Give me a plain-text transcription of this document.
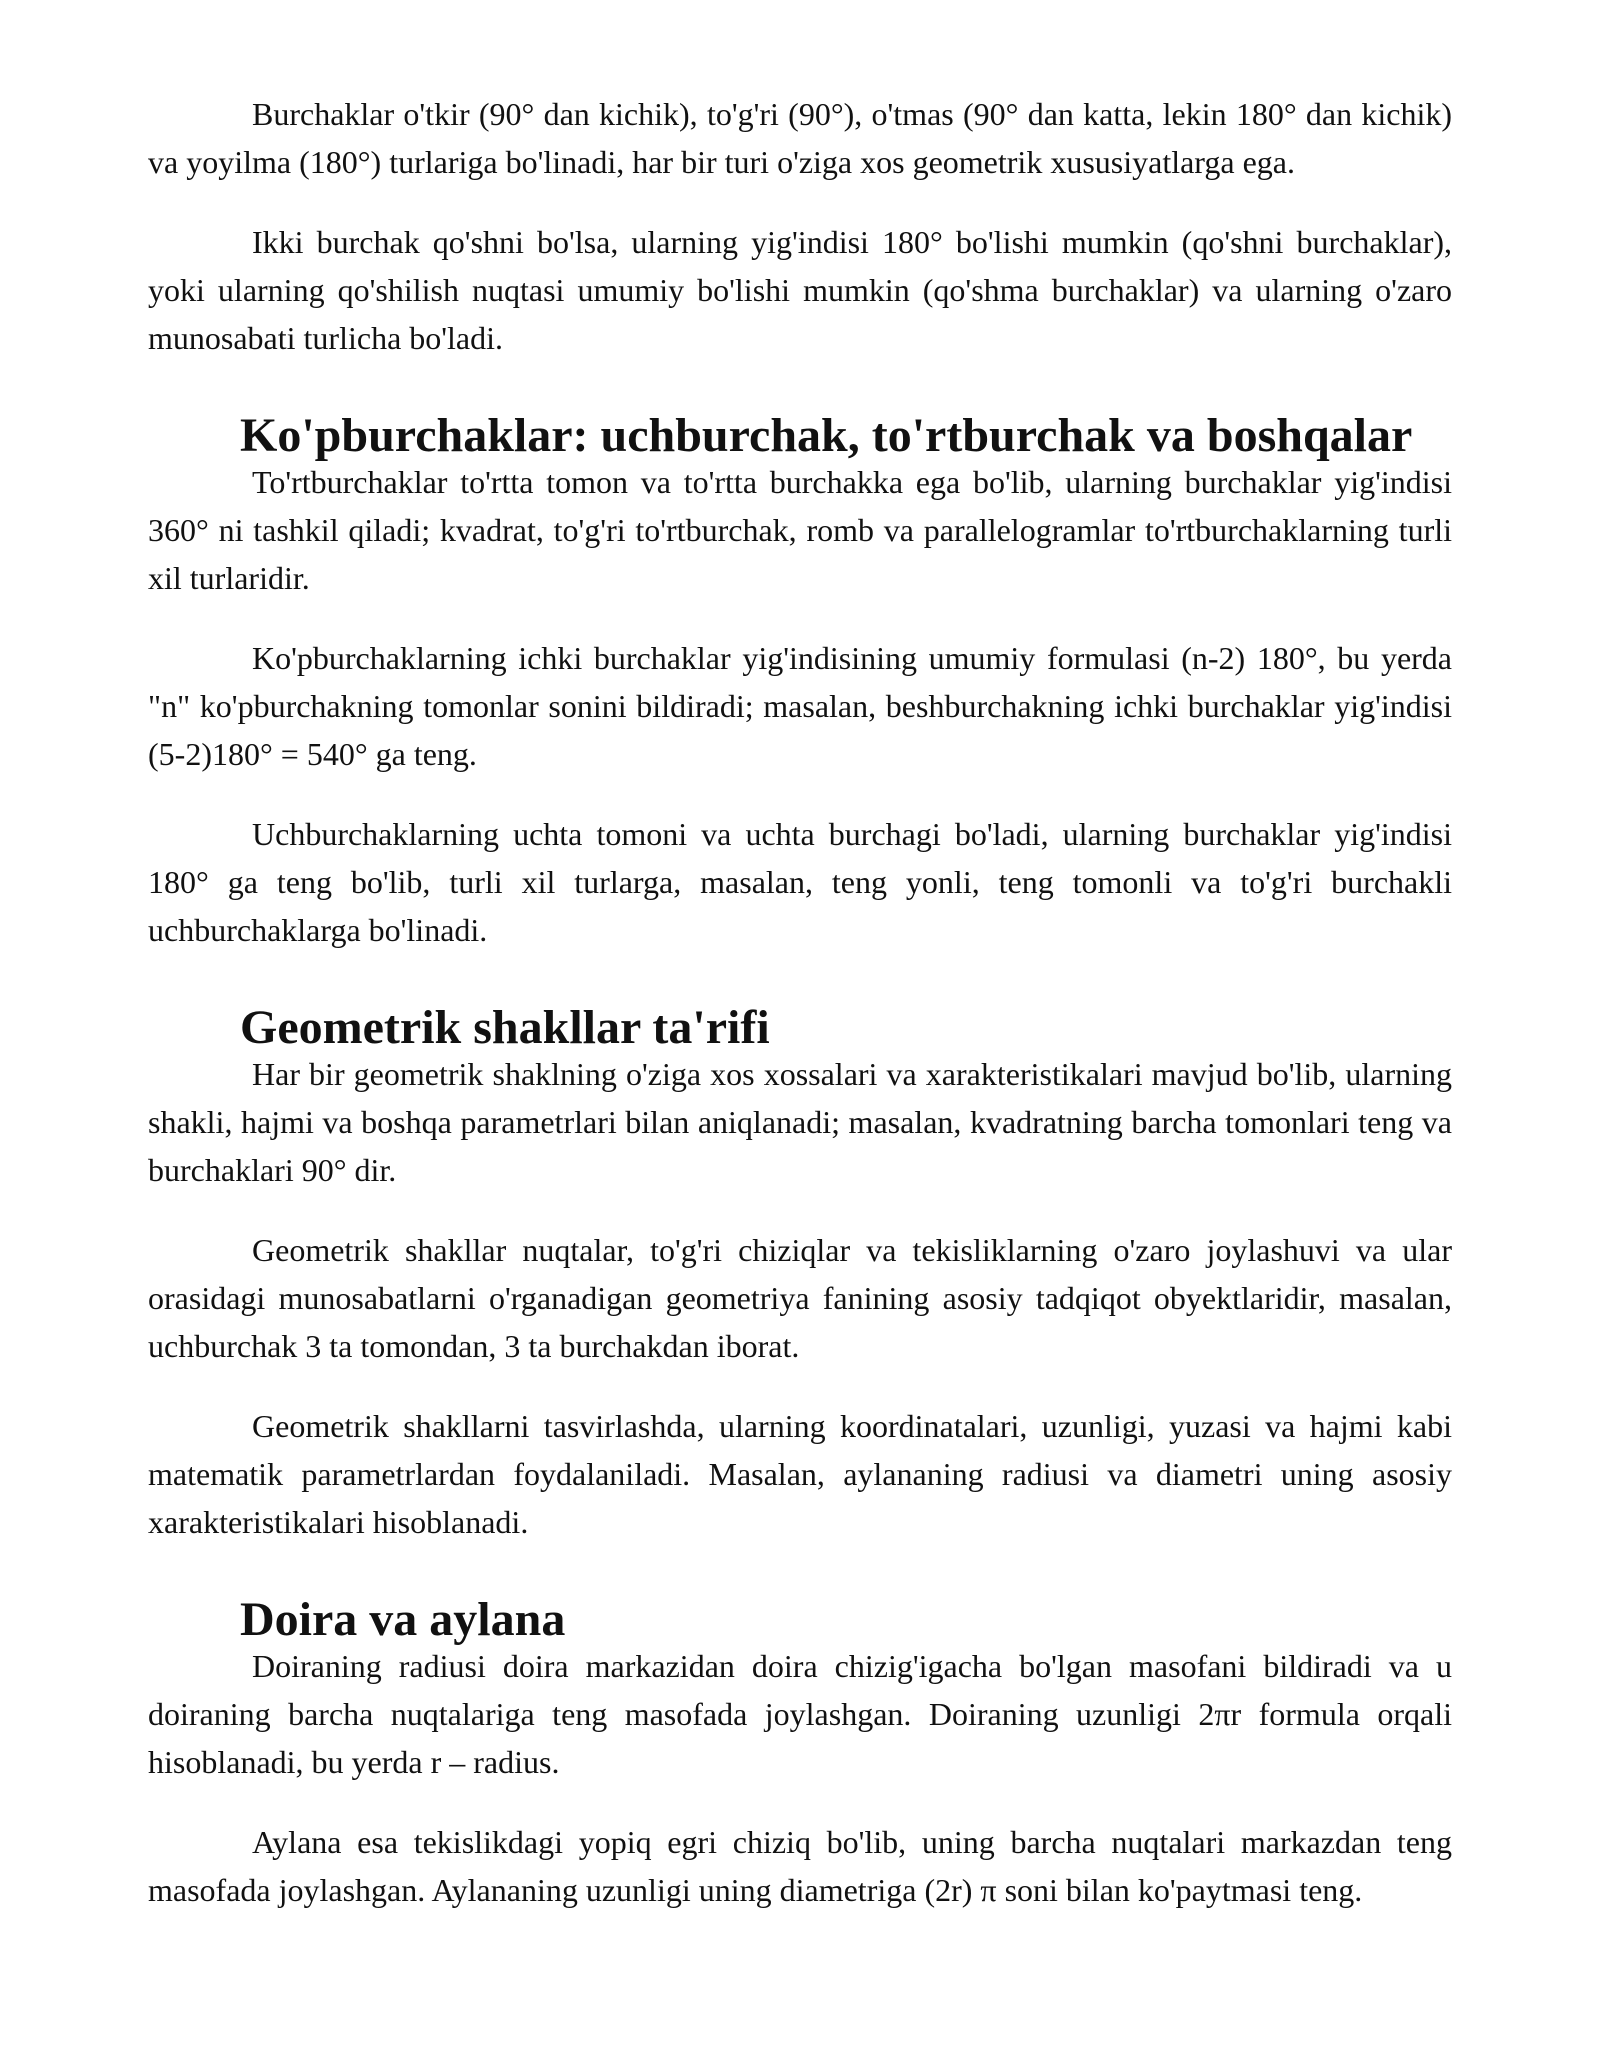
Burchaklar o'tkir (90° dan kichik), to'g'ri (90°), o'tmas (90° dan katta, lekin 180° dan kichik) va yoyilma (180°) turlariga bo'linadi, har bir turi o'ziga xos geometrik xususiyatlarga ega.

Ikki burchak qo'shni bo'lsa, ularning yig'indisi 180° bo'lishi mumkin (qo'shni burchaklar), yoki ularning qo'shilish nuqtasi umumiy bo'lishi mumkin (qo'shma burchaklar) va ularning o'zaro munosabati turlicha bo'ladi.

Ko'pburchaklar: uchburchak, to'rtburchak va boshqalar

To'rtburchaklar to'rtta tomon va to'rtta burchakka ega bo'lib, ularning burchaklar yig'indisi 360° ni tashkil qiladi; kvadrat, to'g'ri to'rtburchak, romb va parallelogramlar to'rtburchaklarning turli xil turlaridir.

Ko'pburchaklarning ichki burchaklar yig'indisining umumiy formulasi (n-2) 180°, bu yerda "n" ko'pburchakning tomonlar sonini bildiradi; masalan, beshburchakning ichki burchaklar yig'indisi (5-2)180° = 540° ga teng.

Uchburchaklarning uchta tomoni va uchta burchagi bo'ladi, ularning burchaklar yig'indisi 180° ga teng bo'lib, turli xil turlarga, masalan, teng yonli, teng tomonli va to'g'ri burchakli uchburchaklarga bo'linadi.

Geometrik shakllar ta'rifi

Har bir geometrik shaklning o'ziga xos xossalari va xarakteristikalari mavjud bo'lib, ularning shakli, hajmi va boshqa parametrlari bilan aniqlanadi; masalan, kvadratning barcha tomonlari teng va burchaklari 90° dir.

Geometrik shakllar nuqtalar, to'g'ri chiziqlar va tekisliklarning o'zaro joylashuvi va ular orasidagi munosabatlarni o'rganadigan geometriya fanining asosiy tadqiqot obyektlaridir, masalan, uchburchak 3 ta tomondan, 3 ta burchakdan iborat.

Geometrik shakllarni tasvirlashda, ularning koordinatalari, uzunligi, yuzasi va hajmi kabi matematik parametrlardan foydalaniladi. Masalan, aylananing radiusi va diametri uning asosiy xarakteristikalari hisoblanadi.

Doira va aylana

Doiraning radiusi doira markazidan doira chizig'igacha bo'lgan masofani bildiradi va u doiraning barcha nuqtalariga teng masofada joylashgan. Doiraning uzunligi 2πr formula orqali hisoblanadi, bu yerda r – radius.

Aylana esa tekislikdagi yopiq egri chiziq bo'lib, uning barcha nuqtalari markazdan teng masofada joylashgan. Aylananing uzunligi uning diametriga (2r) π soni bilan ko'paytmasi teng.
